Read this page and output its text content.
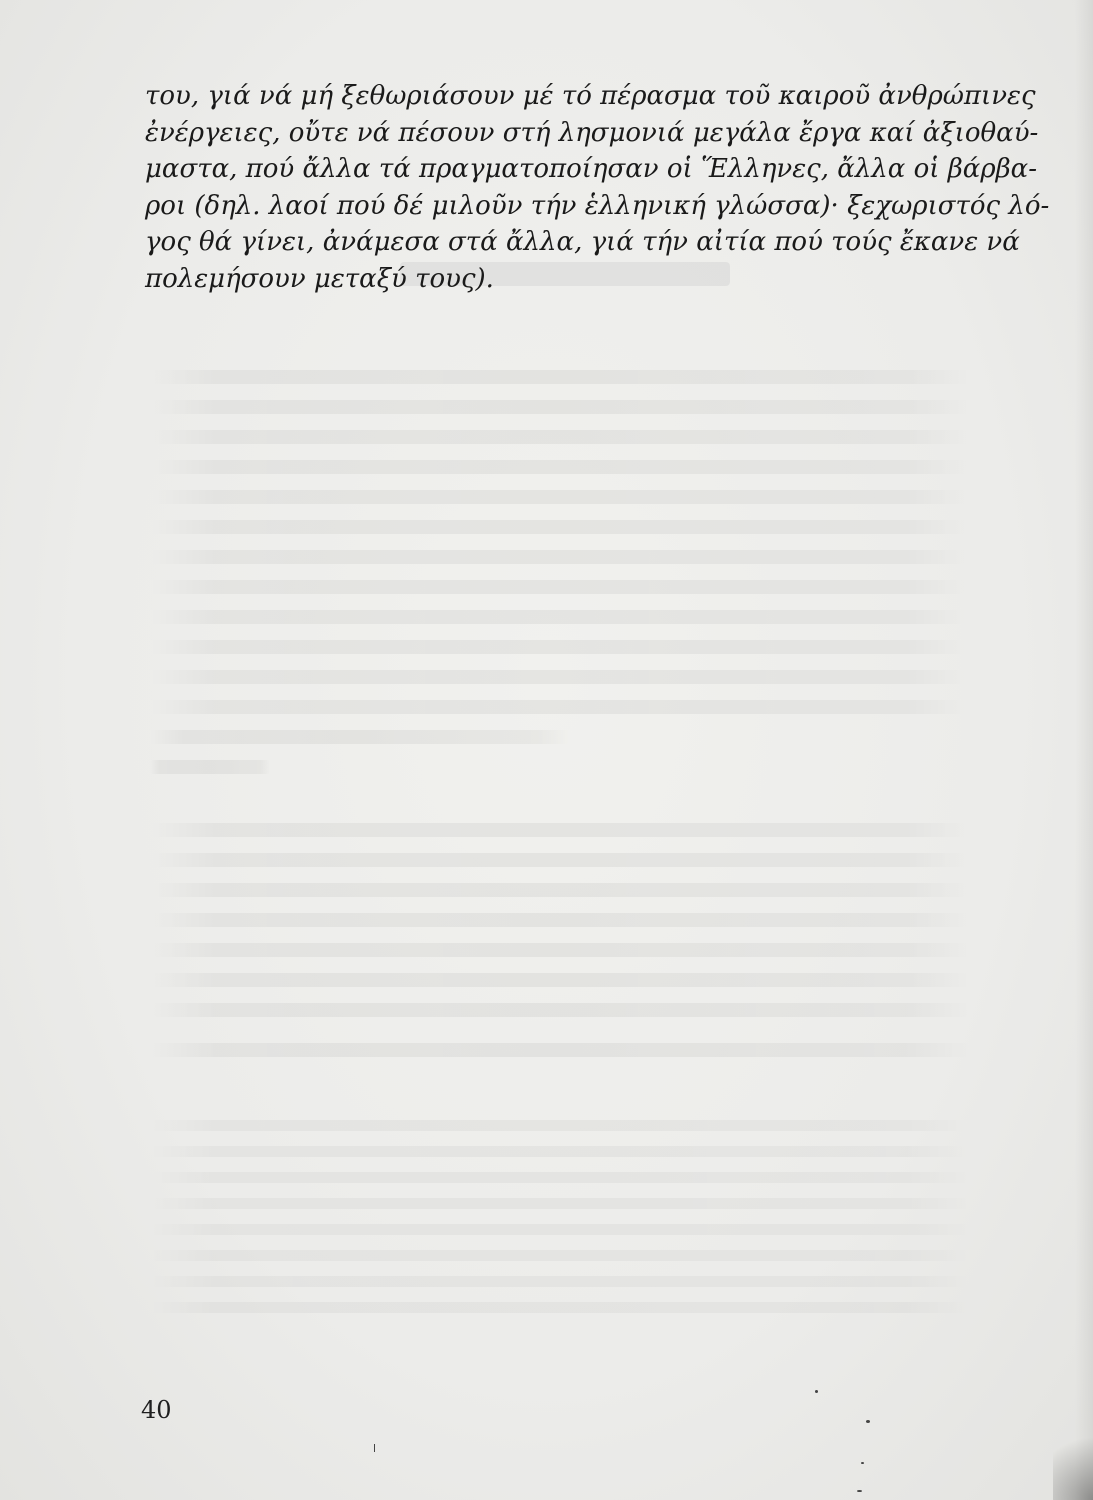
του, γιά νά μή ξεθωριάσουν μέ τό πέρασμα τοῦ καιροῦ ἀνθρώπινες
ἐνέργειες, οὔτε νά πέσουν στή λησμονιά μεγάλα ἔργα καί ἀξιοθαύ-
μαστα, πού ἄλλα τά πραγματοποίησαν οἱ Ἕλληνες, ἄλλα οἱ βάρβα-
ροι (δηλ. λαοί πού δέ μιλοῦν τήν ἑλληνική γλώσσα)· ξεχωριστός λό-
γος θά γίνει, ἀνάμεσα στά ἄλλα, γιά τήν αἰτία πού τούς ἔκανε νά
πολεμήσουν μεταξύ τους).
40
